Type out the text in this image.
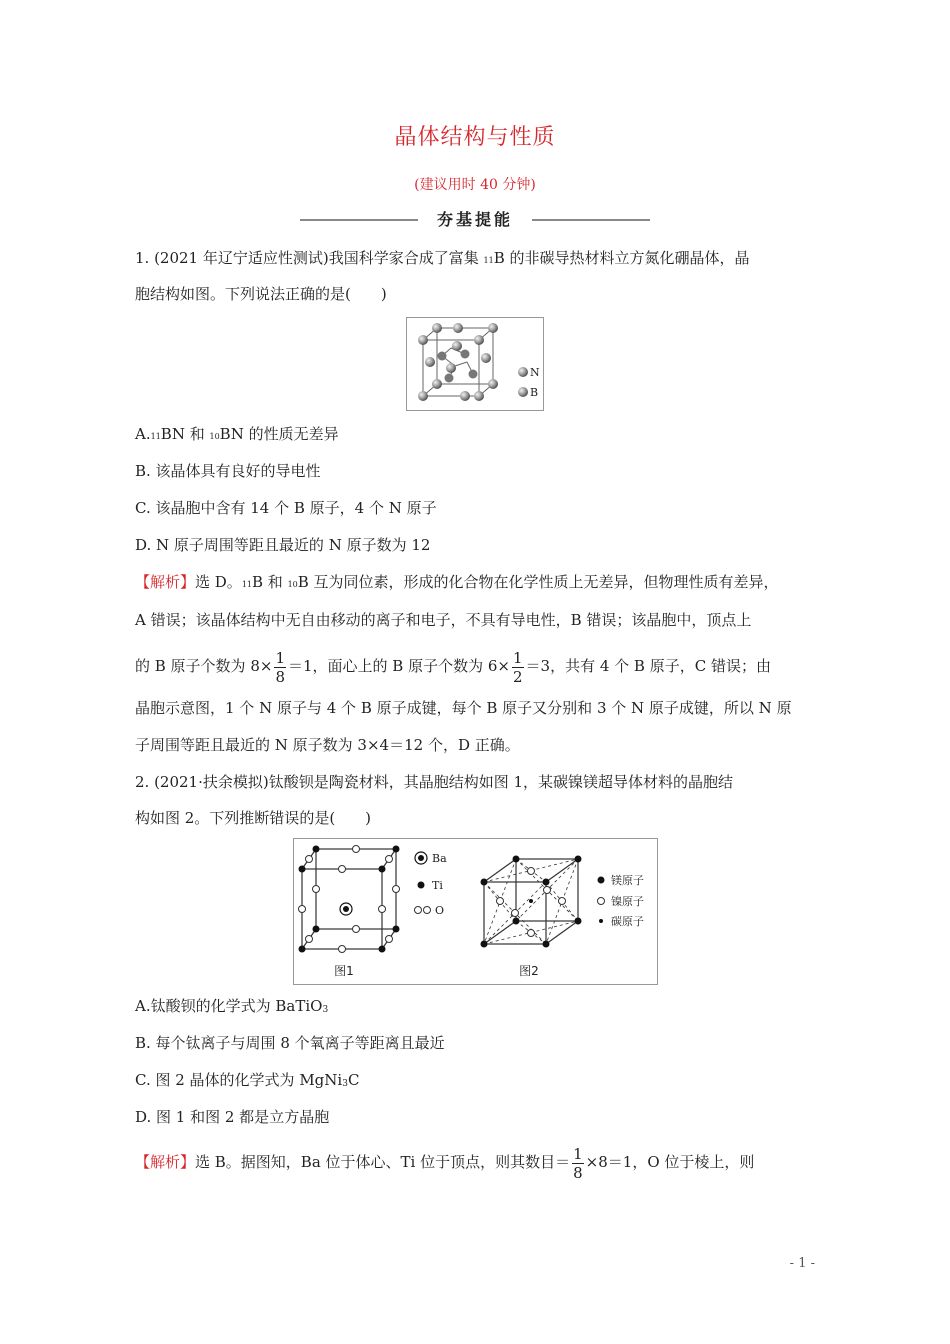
晶体结构与性质
(建议用时 40 分钟)
夯基提能
1. (2021 年辽宁适应性测试)我国科学家合成了富集 11B 的非碳导热材料立方氮化硼晶体，晶
胞结构如图。下列说法正确的是(　　)
N
B
A.11BN 和 10BN 的性质无差异
B. 该晶体具有良好的导电性
C. 该晶胞中含有 14 个 B 原子，4 个 N 原子
D. N 原子周围等距且最近的 N 原子数为 12
【解析】选 D。11B 和 10B 互为同位素，形成的化合物在化学性质上无差异，但物理性质有差异，
A 错误；该晶体结构中无自由移动的离子和电子，不具有导电性，B 错误；该晶胞中，顶点上
的 B 原子个数为 $8\times \frac{1}{8} =1$，面心上的 B 原子个数为 $6\times \frac{1}{2} =3$，共有 4 个 B 原子，C 错误；由
晶胞示意图，1 个 N 原子与 4 个 B 原子成键，每个 B 原子又分别和 3 个 N 原子成键，所以 N 原
子周围等距且最近的 N 原子数为 3×4＝12 个，D 正确。
2. (2021·扶余模拟)钛酸钡是陶瓷材料，其晶胞结构如图 1，某碳镍镁超导体材料的晶胞结
构如图 2。下列推断错误的是(　　)
Ba
Ti
O
图1
镁原子
镍原子
碳原子
图2
A.钛酸钡的化学式为 BaTiO3
B. 每个钛离子与周围 8 个氧离子等距离且最近
C. 图 2 晶体的化学式为 MgNi3C
D. 图 1 和图 2 都是立方晶胞
【解析】选 B。据图知，Ba 位于体心、Ti 位于顶点，则其数目＝ $\frac{1}{8} \times 8=1$，O 位于棱上，则
- 1 -
